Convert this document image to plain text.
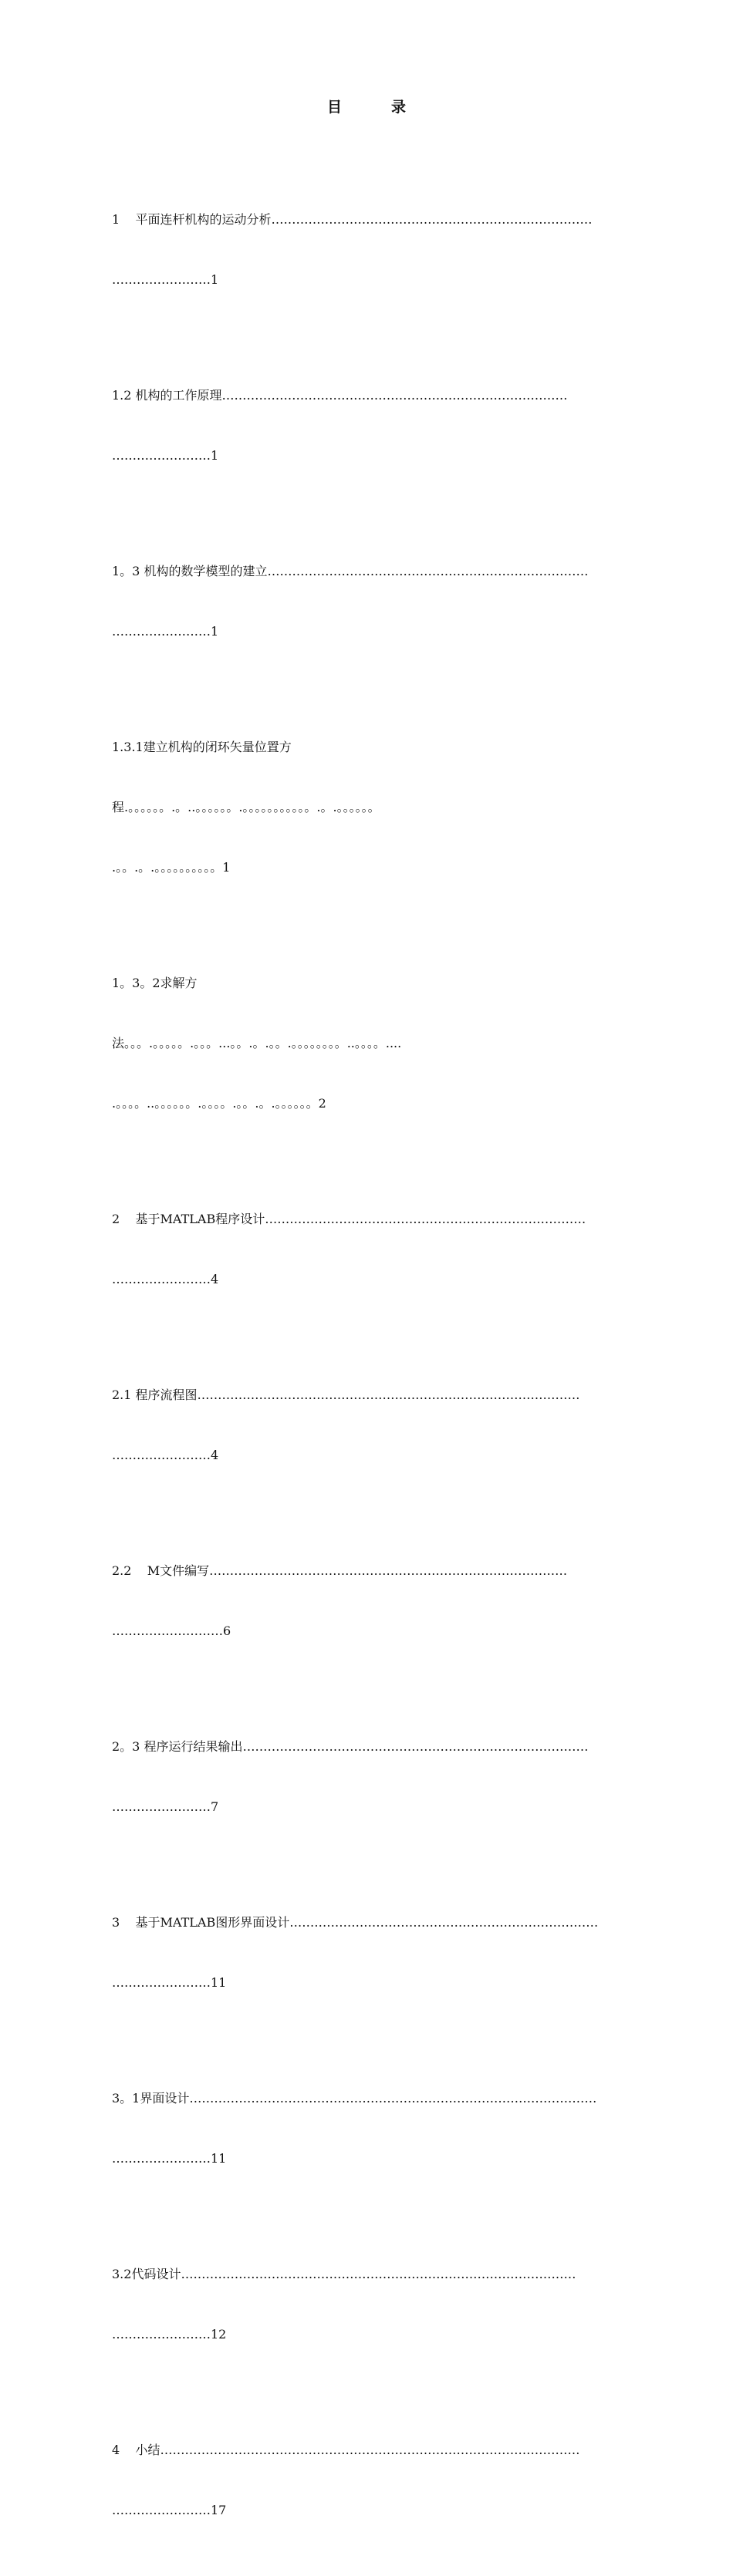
目	录

1    平面连杆机构的运动分析……………………………………………………………………

……………………1

1.2 机构的工作原理…………………………………………………………………………

……………………1

1。3 机构的数学模型的建立……………………………………………………………………

……………………1

1.3.1建立机构的闭环矢量位置方

程.。。。。。。.。..。。。。。。.。。。。。。。。。。。.。.。。。。。。

.。。.。.。。。。。。。。。。1

1。3。2求解方

法。。。.。。。。。.。。。...。。.。.。。.。。。。。。。。..。。。。....

.。。。。..。。。。。。.。。。。.。。.。.。。。。。。2

2    基于MATLAB程序设计……………………………………………………………………

……………………4

2.1 程序流程图…………………………………………………………………………………

……………………4

2.2    M文件编写……………………………………………………………………………

………………………6

2。3 程序运行结果输出…………………………………………………………………………

……………………7

3    基于MATLAB图形界面设计…………………………………………………………………

……………………11

3。1界面设计………………………………………………………………………………………

……………………11

3.2代码设计……………………………………………………………………………………

……………………12

4    小结…………………………………………………………………………………………

……………………17
